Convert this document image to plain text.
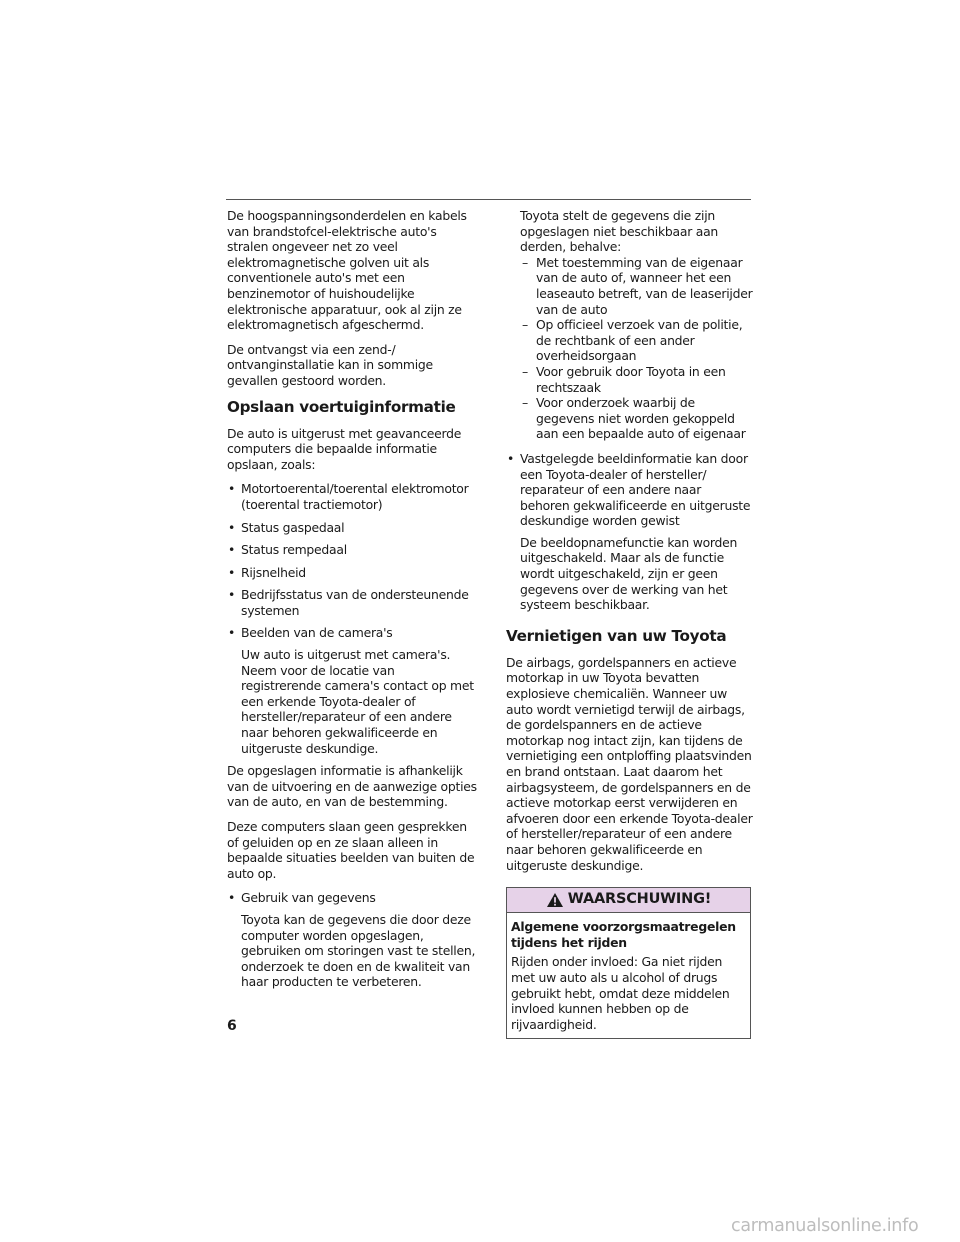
De hoogspanningsonderdelen en kabels van brandstofcel-elektrische auto's stralen ongeveer net zo veel elektromagnetische golven uit als conventionele auto's met een benzinemotor of huishoudelijke elektronische apparatuur, ook al zijn ze elektromagnetisch afgeschermd.

De ontvangst via een zend-/ ontvanginstallatie kan in sommige gevallen gestoord worden.

Opslaan voertuiginformatie

De auto is uitgerust met geavanceerde computers die bepaalde informatie opslaan, zoals:

• Motortoerental/toerental elektromotor (toerental tractiemotor)
• Status gaspedaal
• Status rempedaal
• Rijsnelheid
• Bedrijfsstatus van de ondersteunende systemen
• Beelden van de camera's
Uw auto is uitgerust met camera's. Neem voor de locatie van registrerende camera's contact op met een erkende Toyota-dealer of hersteller/reparateur of een andere naar behoren gekwalificeerde en uitgeruste deskundige.

De opgeslagen informatie is afhankelijk van de uitvoering en de aanwezige opties van de auto, en van de bestemming.

Deze computers slaan geen gesprekken of geluiden op en ze slaan alleen in bepaalde situaties beelden van buiten de auto op.

• Gebruik van gegevens
Toyota kan de gegevens die door deze computer worden opgeslagen, gebruiken om storingen vast te stellen, onderzoek te doen en de kwaliteit van haar producten te verbeteren.

Toyota stelt de gegevens die zijn opgeslagen niet beschikbaar aan derden, behalve:

– Met toestemming van de eigenaar van de auto of, wanneer het een leaseauto betreft, van de leaserijder van de auto
– Op officieel verzoek van de politie, de rechtbank of een ander overheidsorgaan
– Voor gebruik door Toyota in een rechtszaak
– Voor onderzoek waarbij de gegevens niet worden gekoppeld aan een bepaalde auto of eigenaar
• Vastgelegde beeldinformatie kan door een Toyota-dealer of hersteller/ reparateur of een andere naar behoren gekwalificeerde en uitgeruste deskundige worden gewist
De beeldopnamefunctie kan worden uitgeschakeld. Maar als de functie wordt uitgeschakeld, zijn er geen gegevens over de werking van het systeem beschikbaar.
Vernietigen van uw Toyota

De airbags, gordelspanners en actieve motorkap in uw Toyota bevatten explosieve chemicaliën. Wanneer uw auto wordt vernietigd terwijl de airbags, de gordelspanners en de actieve motorkap nog intact zijn, kan tijdens de vernietiging een ontploffing plaatsvinden en brand ontstaan. Laat daarom het airbagsysteem, de gordelspanners en de actieve motorkap eerst verwijderen en afvoeren door een erkende Toyota-dealer of hersteller/reparateur of een andere naar behoren gekwalificeerde en uitgeruste deskundige.

WAARSCHUWING!

Algemene voorzorgsmaatregelen tijdens het rijden

Rijden onder invloed: Ga niet rijden met uw auto als u alcohol of drugs gebruikt hebt, omdat deze middelen invloed kunnen hebben op de rijvaardigheid.

6
carmanualsonline.info
